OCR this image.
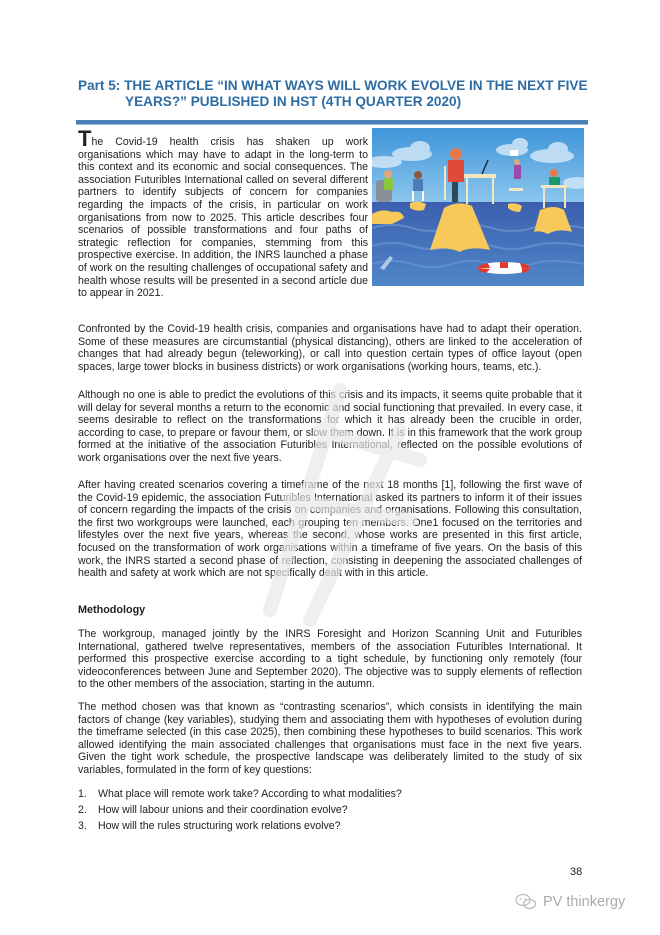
Part 5: THE ARTICLE “IN WHAT WAYS WILL WORK EVOLVE IN THE NEXT FIVE
YEARS?” PUBLISHED IN HST (4TH QUARTER 2020)

The Covid-19 health crisis has shaken up work organisations which may have to adapt in the long-term to this context and its economic and social consequences. The association Futuribles International called on several different partners to identify subjects of concern for companies regarding the impacts of the crisis, in particular on work organisations from now to 2025. This article describes four scenarios of possible transformations and four paths of strategic reflection for companies, stemming from this prospective exercise. In addition, the INRS launched a phase of work on the resulting challenges of occupational safety and health whose results will be presented in a second article due to appear in 2021.

Confronted by the Covid-19 health crisis, companies and organisations have had to adapt their operation. Some of these measures are circumstantial (physical distancing), others are linked to the acceleration of changes that had already begun (teleworking), or call into question certain types of office layout (open spaces, large tower blocks in business districts) or work organisations (working hours, teams, etc.).

Although no one is able to predict the evolutions of this crisis and its impacts, it seems quite probable that it will delay for several months a return to the economic and social functioning that prevailed. In every case, it seems desirable to reflect on the transformations for which it has already been the crucible in order, according to case, to prepare or favour them, or slow them down. It is in this framework that the work group formed at the initiative of the association Futuribles International, reflected on the possible evolutions of work organisations over the next five years.

After having created scenarios covering a timeframe of the next 18 months [1], following the first wave of the Covid-19 epidemic, the association Futuribles International asked its partners to inform it of their issues of concern regarding the impacts of the crisis on companies and organisations. Following this consultation, the first two workgroups were launched, each grouping ten members. One1 focused on the territories and lifestyles over the next five years, whereas the second, whose works are presented in this first article, focused on the transformation of work organisations within a timeframe of five years. On the basis of this work, the INRS started a second phase of reflection, consisting in deepening the associated challenges of health and safety at work which are not specifically dealt with in this article.

Methodology

The workgroup, managed jointly by the INRS Foresight and Horizon Scanning Unit and Futuribles International, gathered twelve representatives, members of the association Futuribles International. It performed this prospective exercise according to a tight schedule, by functioning only remotely (four videoconferences between June and September 2020). The objective was to supply elements of reflection to the other members of the association, starting in the autumn.

The method chosen was that known as “contrasting scenarios”, which consists in identifying the main factors of change (key variables), studying them and associating them with hypotheses of evolution during the timeframe selected (in this case 2025), then combining these hypotheses to build scenarios. This work allowed identifying the main associated challenges that organisations must face in the next five years. Given the tight work schedule, the prospective landscape was deliberately limited to the study of six variables, formulated in the form of key questions:

1.	What place will remote work take? According to what modalities?
2.	How will labour unions and their coordination evolve?
3.	How will the rules structuring work relations evolve?
38
PV thinkergy
